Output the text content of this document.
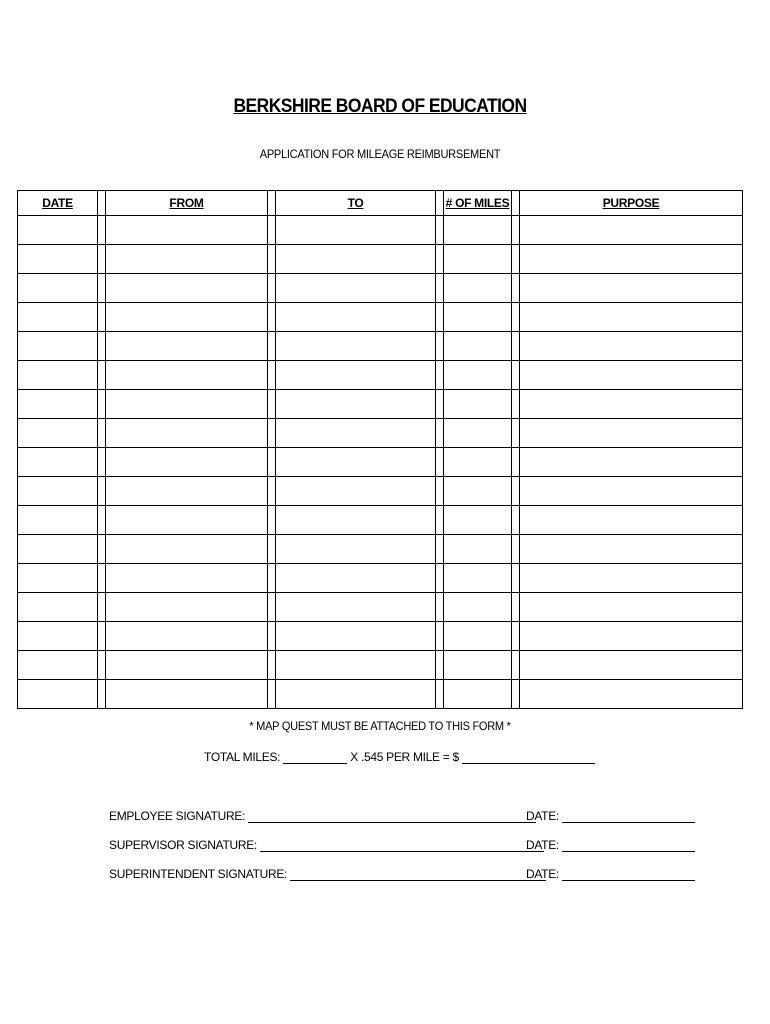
BERKSHIRE BOARD OF EDUCATION
APPLICATION FOR MILEAGE REIMBURSEMENT
DATE		FROM		TO		# OF MILES		PURPOSE

* MAP QUEST MUST BE ATTACHED TO THIS FORM *
TOTAL MILES:	X .545 PER MILE = $
EMPLOYEE SIGNATURE:	DATE:
SUPERVISOR SIGNATURE:	DATE:
SUPERINTENDENT SIGNATURE:	DATE:
